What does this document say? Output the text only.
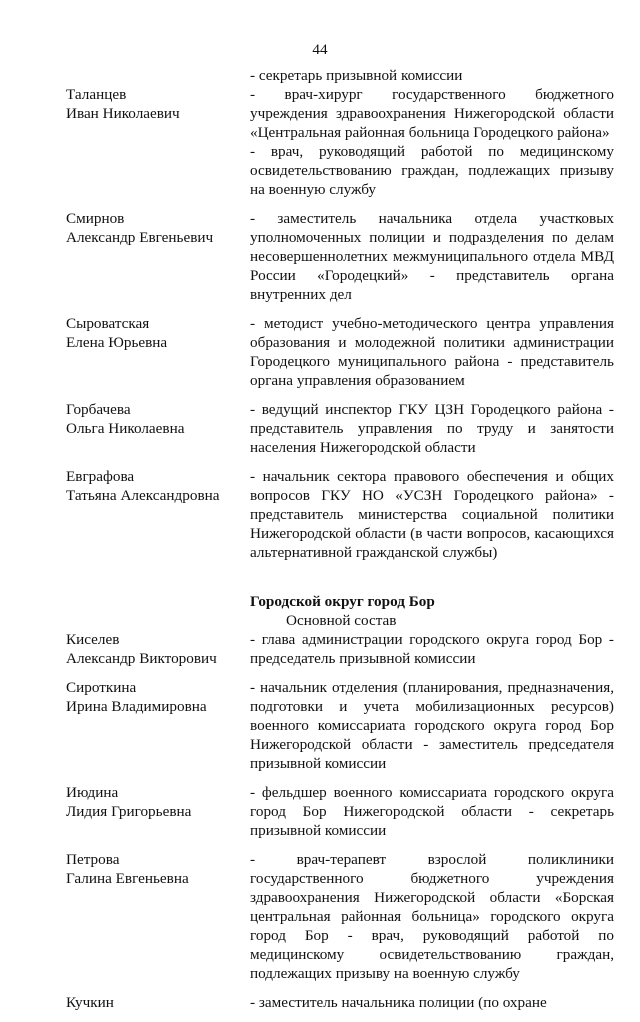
44

- секретарь призывной комиссии

Таланцев
Иван Николаевич

- врач-хирург государственного бюджетного учреждения здравоохранения Нижегородской области «Центральная районная больница Городецкого района»

- врач, руководящий работой по медицинскому освидетельствованию граждан, подлежащих призыву на военную службу

Смирнов
Александр Евгеньевич

- заместитель начальника отдела участковых уполномоченных полиции и подразделения по делам несовершеннолетних межмуниципального отдела МВД России «Городецкий» - представитель органа внутренних дел

Сыроватская
Елена Юрьевна

- методист учебно-методического центра управления образования и молодежной политики администрации Городецкого муниципального района - представитель органа управления образованием

Горбачева
Ольга Николаевна

- ведущий инспектор ГКУ ЦЗН Городецкого района - представитель управления по труду и занятости населения Нижегородской области

Евграфова
Татьяна Александровна

- начальник сектора правового обеспечения и общих вопросов ГКУ НО «УСЗН Городецкого района» - представитель министерства социальной политики Нижегородской области (в части вопросов, касающихся альтернативной гражданской службы)

Городской округ город Бор
Основной состав
Киселев
Александр Викторович

- глава администрации городского округа город Бор - председатель призывной комиссии

Сироткина
Ирина Владимировна

- начальник отделения (планирования, предназначения, подготовки и учета мобилизационных ресурсов) военного комиссариата городского округа город Бор Нижегородской области - заместитель председателя призывной комиссии

Июдина
Лидия Григорьевна

- фельдшер военного комиссариата городского округа город Бор Нижегородской области - секретарь призывной комиссии

Петрова
Галина Евгеньевна

- врач-терапевт взрослой поликлиники государственного бюджетного учреждения здравоохранения Нижегородской области «Борская центральная районная больница» городского округа город Бор - врач, руководящий работой по медицинскому освидетельствованию граждан, подлежащих призыву на военную службу

Кучкин	- заместитель начальника полиции (по охране
